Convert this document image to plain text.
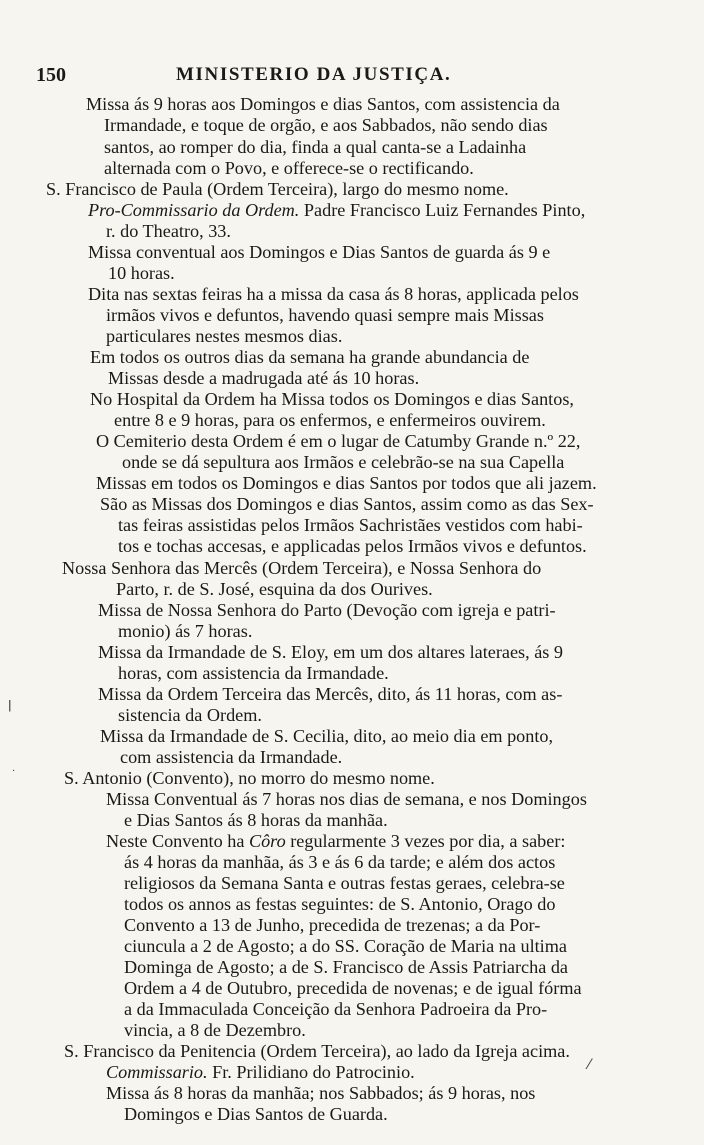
150	MINISTERIO DA JUSTIÇA.
Missa ás 9 horas aos Domingos e dias Santos, com assistencia da
Irmandade, e toque de orgão, e aos Sabbados, não sendo dias
santos, ao romper do dia, finda a qual canta-se a Ladainha
alternada com o Povo, e offerece-se o rectificando.
S. Francisco de Paula (Ordem Terceira), largo do mesmo nome.
Pro-Commissario da Ordem. Padre Francisco Luiz Fernandes Pinto,
r. do Theatro, 33.
Missa conventual aos Domingos e Dias Santos de guarda ás 9 e
10 horas.
Dita nas sextas feiras ha a missa da casa ás 8 horas, applicada pelos
irmãos vivos e defuntos, havendo quasi sempre mais Missas
particulares nestes mesmos dias.
Em todos os outros dias da semana ha grande abundancia de
Missas desde a madrugada até ás 10 horas.
No Hospital da Ordem ha Missa todos os Domingos e dias Santos,
entre 8 e 9 horas, para os enfermos, e enfermeiros ouvirem.
O Cemiterio desta Ordem é em o lugar de Catumby Grande n.º 22,
onde se dá sepultura aos Irmãos e celebrão-se na sua Capella
Missas em todos os Domingos e dias Santos por todos que ali jazem.
São as Missas dos Domingos e dias Santos, assim como as das Sex-
tas feiras assistidas pelos Irmãos Sachristães vestidos com habi-
tos e tochas accesas, e applicadas pelos Irmãos vivos e defuntos.
Nossa Senhora das Mercês (Ordem Terceira), e Nossa Senhora do
Parto, r. de S. José, esquina da dos Ourives.
Missa de Nossa Senhora do Parto (Devoção com igreja e patri-
monio) ás 7 horas.
Missa da Irmandade de S. Eloy, em um dos altares lateraes, ás 9
horas, com assistencia da Irmandade.
Missa da Ordem Terceira das Mercês, dito, ás 11 horas, com as-
sistencia da Ordem.
Missa da Irmandade de S. Cecilia, dito, ao meio dia em ponto,
com assistencia da Irmandade.
S. Antonio (Convento), no morro do mesmo nome.
Missa Conventual ás 7 horas nos dias de semana, e nos Domingos
e Dias Santos ás 8 horas da manhãa.
Neste Convento ha Côro regularmente 3 vezes por dia, a saber:
ás 4 horas da manhãa, ás 3 e ás 6 da tarde; e além dos actos
religiosos da Semana Santa e outras festas geraes, celebra-se
todos os annos as festas seguintes: de S. Antonio, Orago do
Convento a 13 de Junho, precedida de trezenas; a da Por-
ciuncula a 2 de Agosto; a do SS. Coração de Maria na ultima
Dominga de Agosto; a de S. Francisco de Assis Patriarcha da
Ordem a 4 de Outubro, precedida de novenas; e de igual fórma
a da Immaculada Conceição da Senhora Padroeira da Pro-
vincia, a 8 de Dezembro.
S. Francisco da Penitencia (Ordem Terceira), ao lado da Igreja acima.
Commissario. Fr. Prilidiano do Patrocinio.
Missa ás 8 horas da manhãa; nos Sabbados; ás 9 horas, nos
Domingos e Dias Santos de Guarda.
ǀ
·
⁄
